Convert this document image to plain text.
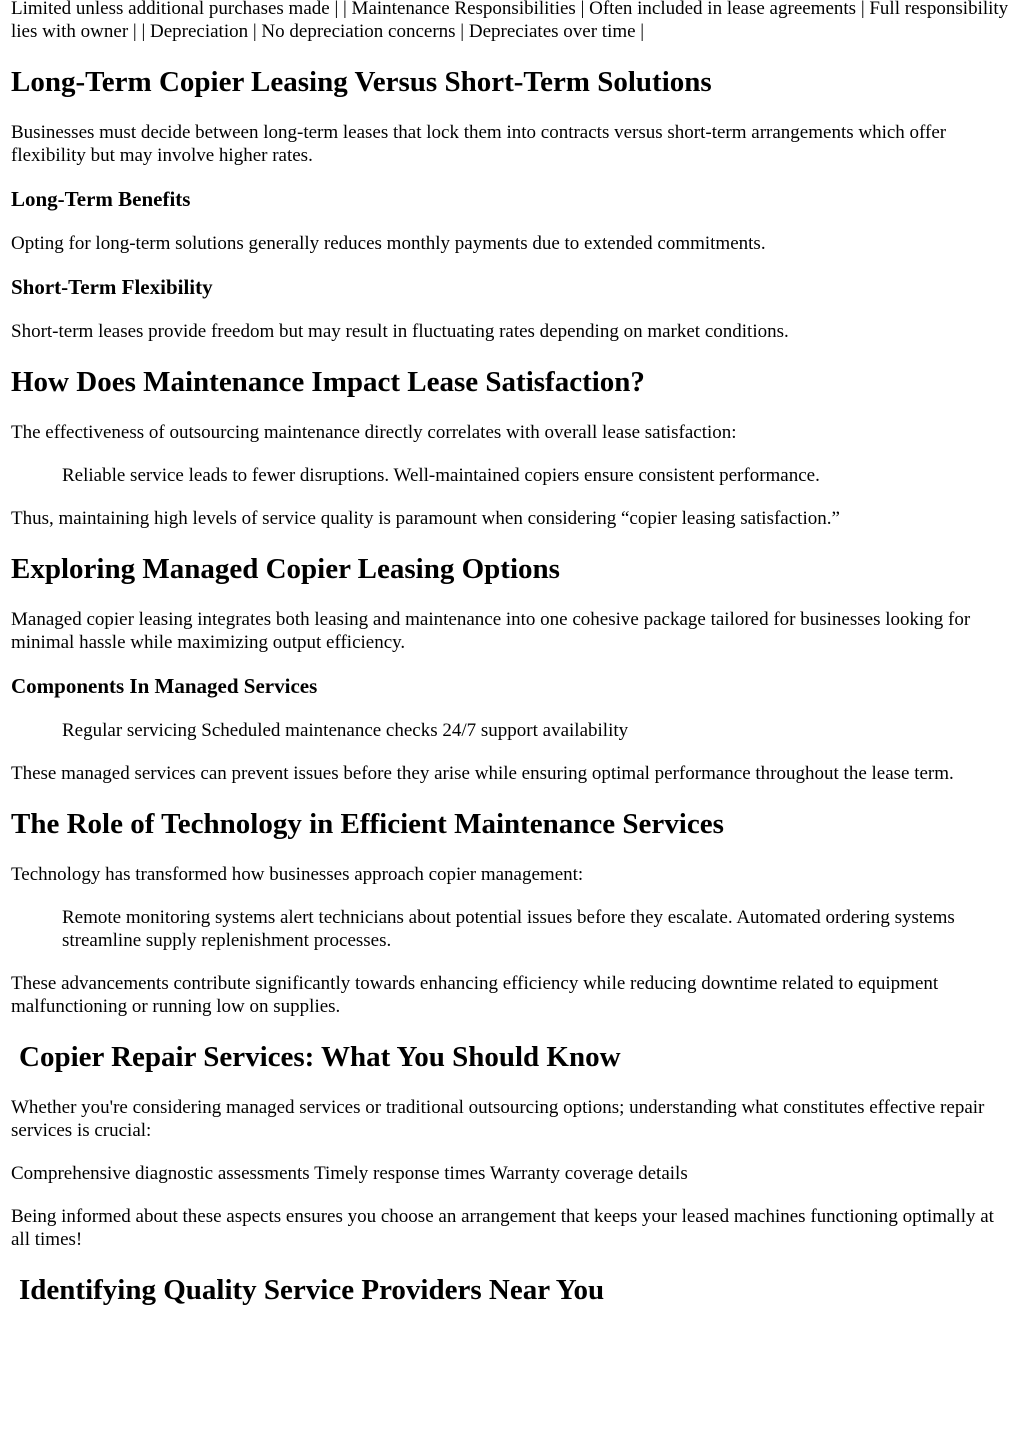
Limited unless additional purchases made | | Maintenance Responsibilities | Often included in lease agreements | Full responsibility lies with owner | | Depreciation | No depreciation concerns | Depreciates over time |

Long-Term Copier Leasing Versus Short-Term Solutions

Businesses must decide between long-term leases that lock them into contracts versus short-term arrangements which offer flexibility but may involve higher rates.

Long-Term Benefits

Opting for long-term solutions generally reduces monthly payments due to extended commitments.

Short-Term Flexibility

Short-term leases provide freedom but may result in fluctuating rates depending on market conditions.

How Does Maintenance Impact Lease Satisfaction?

The effectiveness of outsourcing maintenance directly correlates with overall lease satisfaction:

Reliable service leads to fewer disruptions. Well-maintained copiers ensure consistent performance.

Thus, maintaining high levels of service quality is paramount when considering “copier leasing satisfaction.”

Exploring Managed Copier Leasing Options

Managed copier leasing integrates both leasing and maintenance into one cohesive package tailored for businesses looking for minimal hassle while maximizing output efficiency.

Components In Managed Services
Regular servicing Scheduled maintenance checks 24/7 support availability

These managed services can prevent issues before they arise while ensuring optimal performance throughout the lease term.

The Role of Technology in Efficient Maintenance Services

Technology has transformed how businesses approach copier management:

Remote monitoring systems alert technicians about potential issues before they escalate. Automated ordering systems streamline supply replenishment processes.

These advancements contribute significantly towards enhancing efficiency while reducing downtime related to equipment malfunctioning or running low on supplies.

Copier Repair Services: What You Should Know

Whether you're considering managed services or traditional outsourcing options; understanding what constitutes effective repair services is crucial:

Comprehensive diagnostic assessments Timely response times Warranty coverage details

Being informed about these aspects ensures you choose an arrangement that keeps your leased machines functioning optimally at all times!

Identifying Quality Service Providers Near You
